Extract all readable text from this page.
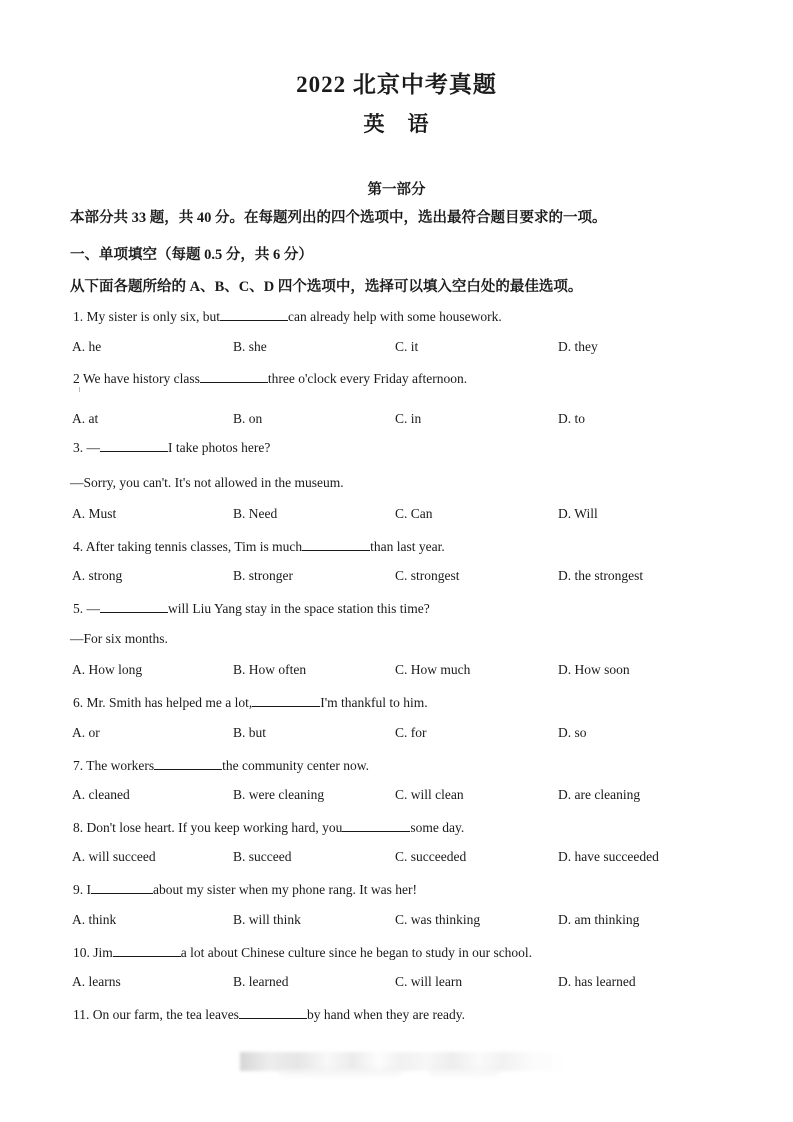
2022 北京中考真题
英　语
第一部分
本部分共 33 题，共 40 分。在每题列出的四个选项中，选出最符合题目要求的一项。
一、单项填空（每题 0.5 分，共 6 分）
从下面各题所给的 A、B、C、D 四个选项中，选择可以填入空白处的最佳选项。
1. My sister is only six, but	can already help with some housework.
A. he	B. she	C. it	D. they
2 We have history class	three o'clock every Friday afternoon.
A. at	B. on	C. in	D. to
3. —	I take photos here?
—Sorry, you can't. It's not allowed in the museum.
A. Must	B. Need	C. Can	D. Will
4. After taking tennis classes, Tim is much	than last year.
A. strong	B. stronger	C. strongest	D. the strongest
5. —	will Liu Yang stay in the space station this time?
—For six months.
A. How long	B. How often	C. How much	D. How soon
6. Mr. Smith has helped me a lot,	I'm thankful to him.
A. or	B. but	C. for	D. so
7. The workers	the community center now.
A. cleaned	B. were cleaning	C. will clean	D. are cleaning
8. Don't lose heart. If you keep working hard, you	some day.
A. will succeed	B. succeed	C. succeeded	D. have succeeded
9. I	about my sister when my phone rang. It was her!
A. think	B. will think	C. was thinking	D. am thinking
10. Jim	a lot about Chinese culture since he began to study in our school.
A. learns	B. learned	C. will learn	D. has learned
11. On our farm, the tea leaves	by hand when they are ready.
